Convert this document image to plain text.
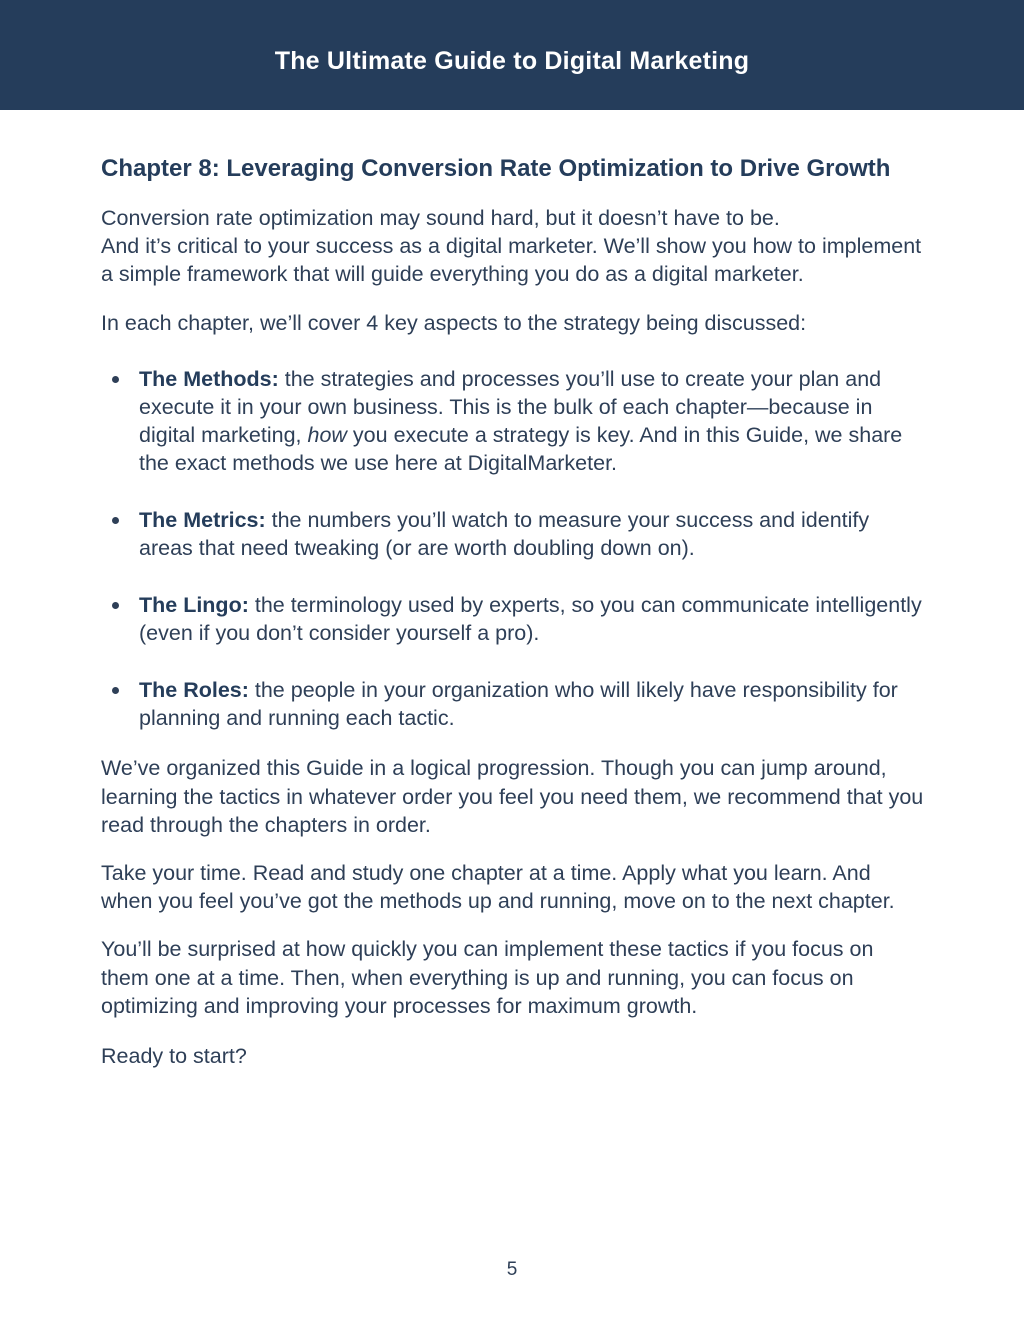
The Ultimate Guide to Digital Marketing
Chapter 8: Leveraging Conversion Rate Optimization to Drive Growth

Conversion rate optimization may sound hard, but it doesn’t have to be.
And it’s critical to your success as a digital marketer. We’ll show you how to implement a simple framework that will guide everything you do as a digital marketer.

In each chapter, we’ll cover 4 key aspects to the strategy being discussed:

The Methods: the strategies and processes you’ll use to create your plan and execute it in your own business. This is the bulk of each chapter—because in digital marketing, how you execute a strategy is key. And in this Guide, we share the exact methods we use here at DigitalMarketer.
The Metrics: the numbers you’ll watch to measure your success and identify areas that need tweaking (or are worth doubling down on).
The Lingo: the terminology used by experts, so you can communicate intelligently (even if you don’t consider yourself a pro).
The Roles: the people in your organization who will likely have responsibility for planning and running each tactic.

We’ve organized this Guide in a logical progression. Though you can jump around, learning the tactics in whatever order you feel you need them, we recommend that you read through the chapters in order.

Take your time. Read and study one chapter at a time. Apply what you learn. And when you feel you’ve got the methods up and running, move on to the next chapter.

You’ll be surprised at how quickly you can implement these tactics if you focus on them one at a time. Then, when everything is up and running, you can focus on optimizing and improving your processes for maximum growth.

Ready to start?

5
